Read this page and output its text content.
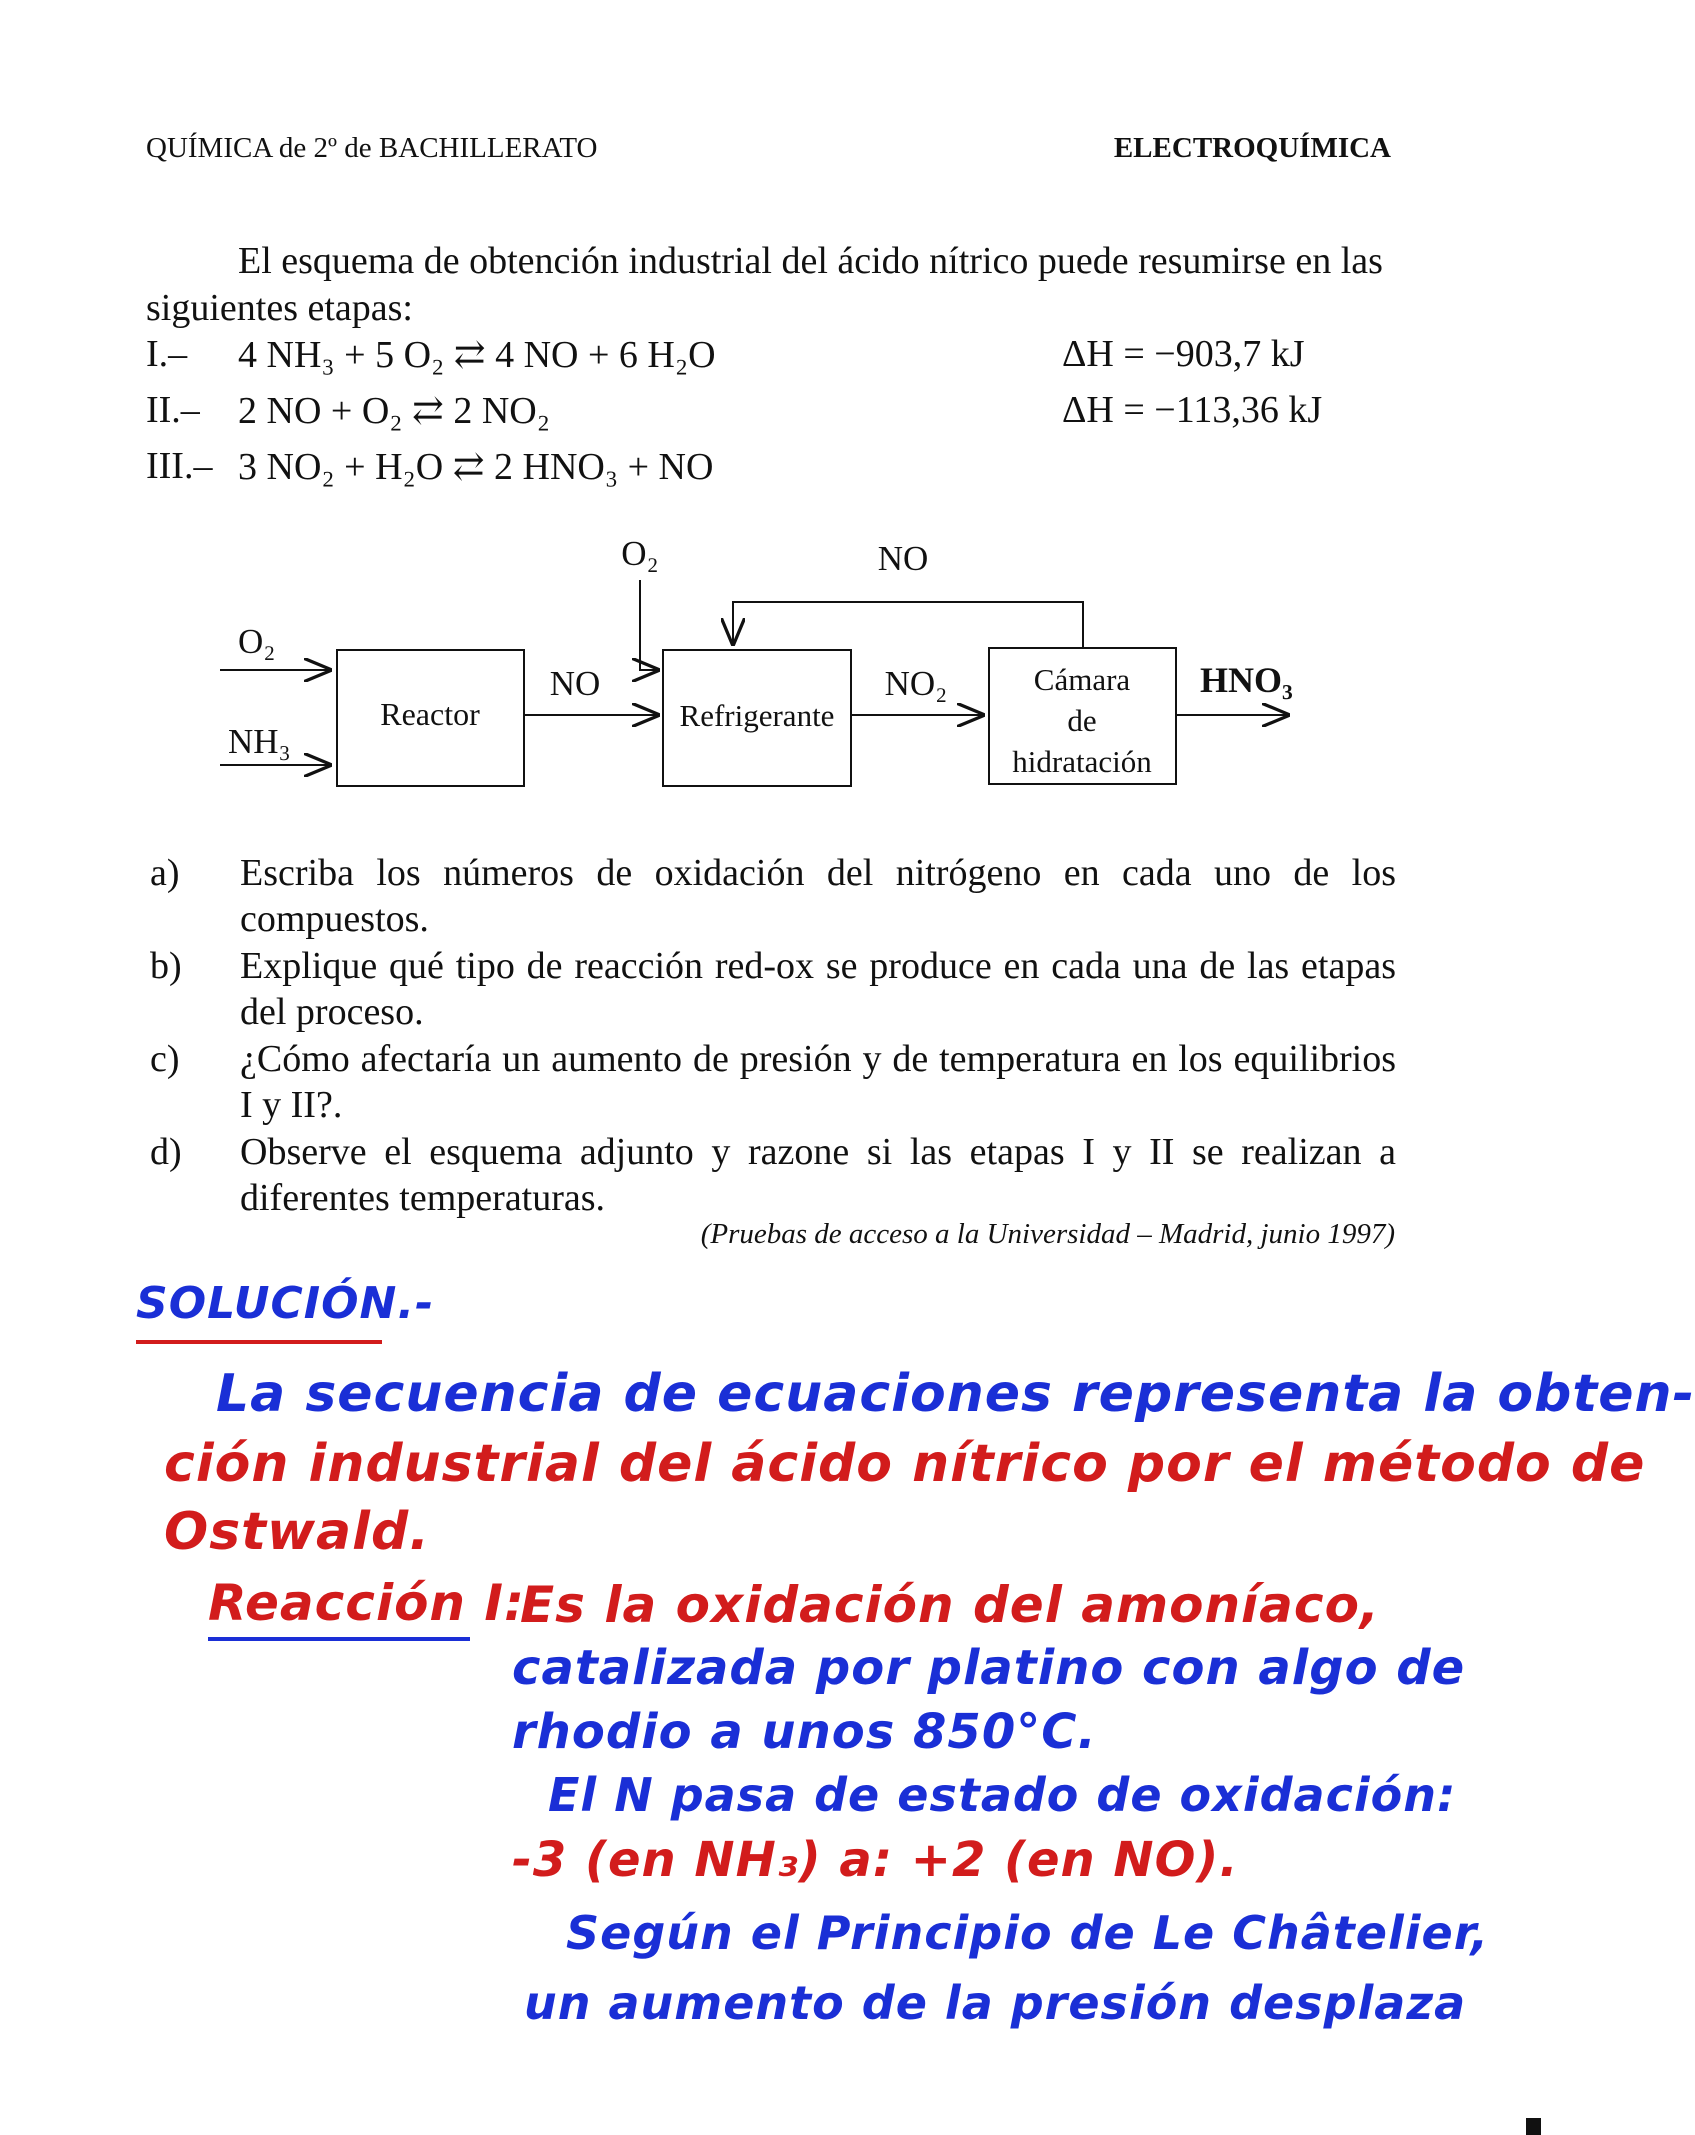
QUÍMICA de 2º de BACHILLERATO	ELECTROQUÍMICA
El esquema de obtención industrial del ácido nítrico puede resumirse en las siguientes etapas:
I.– 4 NH₃ + 5 O₂ ⇄ 4 NO + 6 H₂O	ΔH = −903,7 kJ
II.– 2 NO + O₂ ⇄ 2 NO₂	ΔH = −113,36 kJ
III.– 3 NO₂ + H₂O ⇄ 2 HNO₃ + NO
O₂
NH₃
Reactor
NO
O₂	NO
Refrigerante
NO₂	Cámara
de
hidratación
HNO₃
a) Escriba los números de oxidación del nitrógeno en cada uno de los compuestos.
b) Explique qué tipo de reacción red-ox se produce en cada una de las etapas del proceso.
c) ¿Cómo afectaría un aumento de presión y de temperatura en los equilibrios I y II?.
d) Observe el esquema adjunto y razone si las etapas I y II se realizan a diferentes temperaturas.
(Pruebas de acceso a la Universidad – Madrid, junio 1997)
SOLUCIÓN.-
La secuencia de ecuaciones representa la obten-
ción industrial del ácido nítrico por el método de
Ostwald.
Reacción I:
Es la oxidación del amoníaco,
catalizada por platino con algo de
rhodio a unos 850°C.
El N pasa de estado de oxidación:
-3 (en NH₃) a: +2 (en NO).
Según el Principio de Le Châtelier,
un aumento de la presión desplaza
